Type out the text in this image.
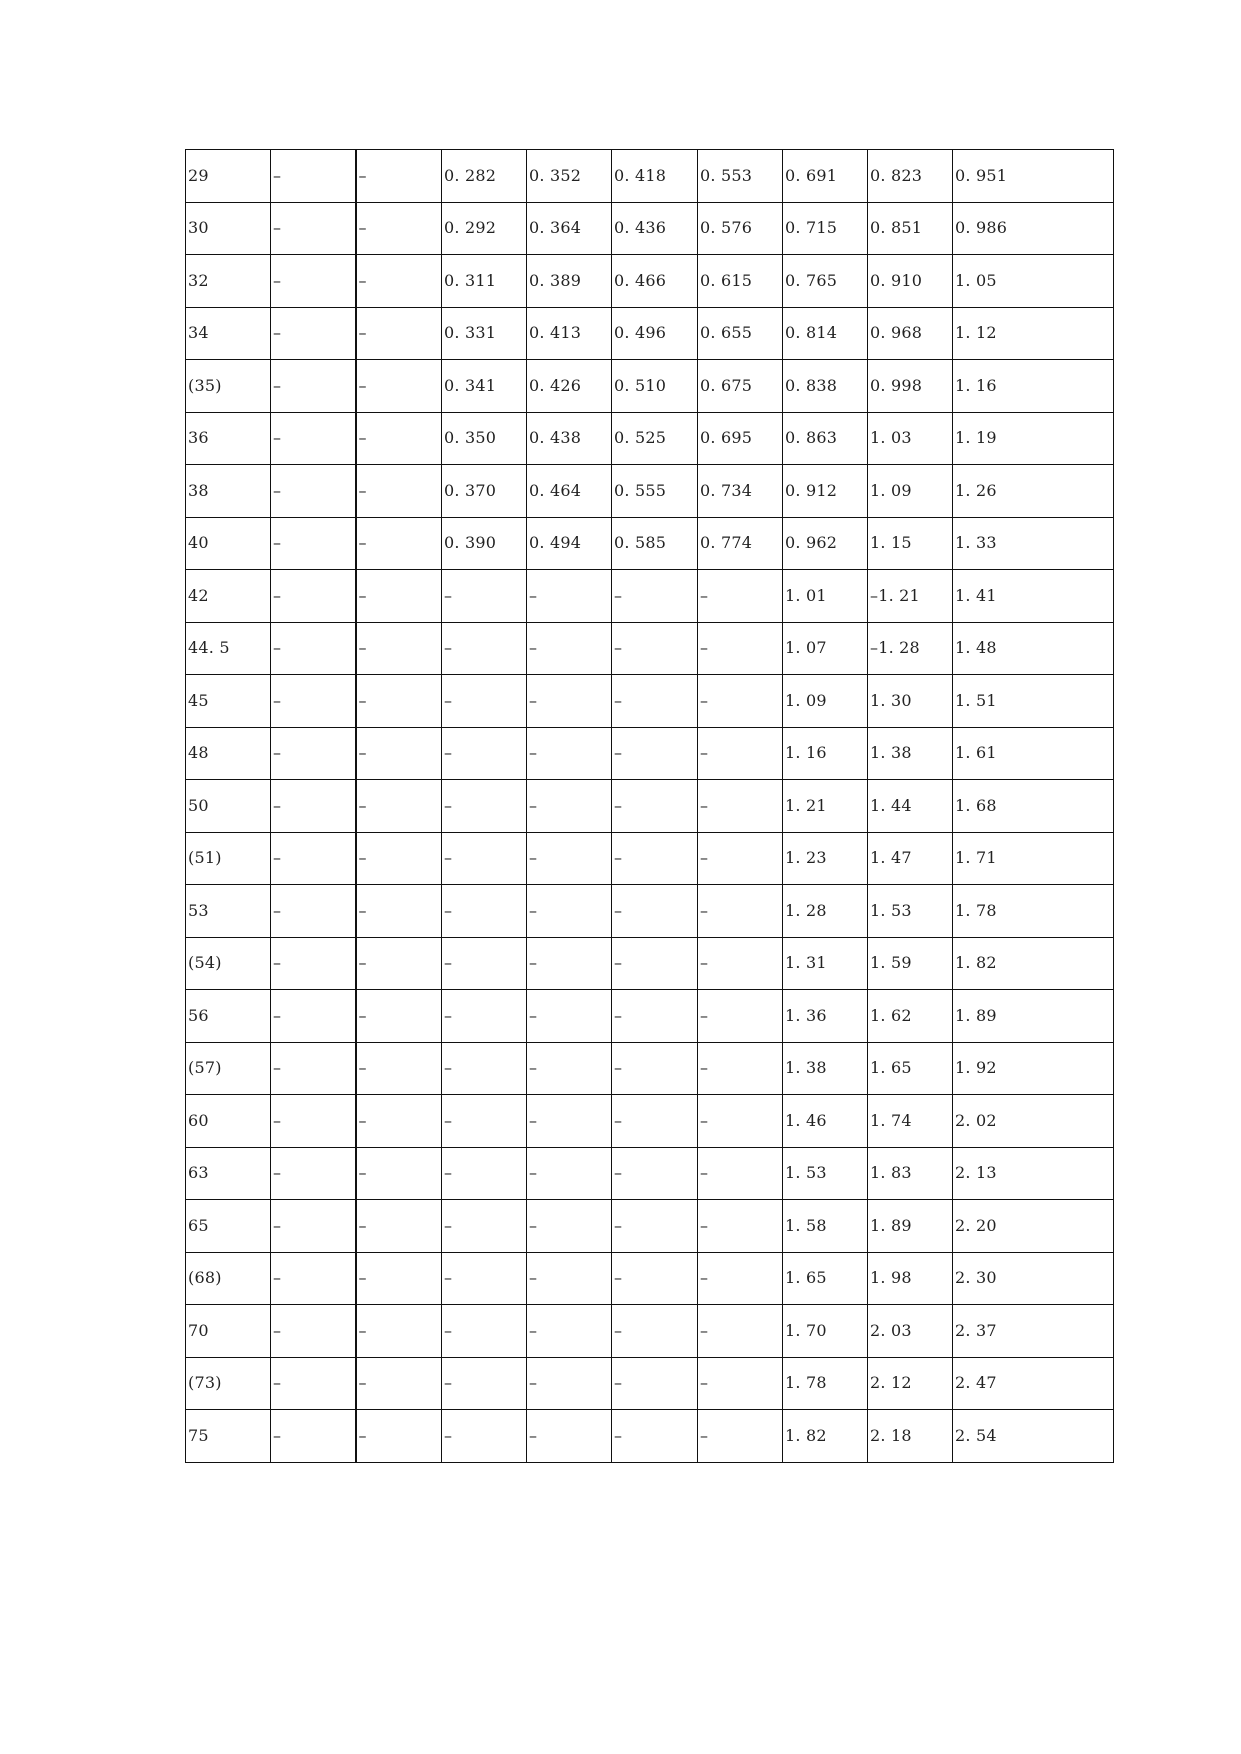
29	–	–	0. 282	0. 352	0. 418	0. 553	0. 691	0. 823	0. 951
30	–	–	0. 292	0. 364	0. 436	0. 576	0. 715	0. 851	0. 986
32	–	–	0. 311	0. 389	0. 466	0. 615	0. 765	0. 910	1. 05
34	–	–	0. 331	0. 413	0. 496	0. 655	0. 814	0. 968	1. 12
(35)	–	–	0. 341	0. 426	0. 510	0. 675	0. 838	0. 998	1. 16
36	–	–	0. 350	0. 438	0. 525	0. 695	0. 863	1. 03	1. 19
38	–	–	0. 370	0. 464	0. 555	0. 734	0. 912	1. 09	1. 26
40	–	–	0. 390	0. 494	0. 585	0. 774	0. 962	1. 15	1. 33
42	–	–	–	–	–	–	1. 01	–1. 21	1. 41
44. 5	–	–	–	–	–	–	1. 07	–1. 28	1. 48
45	–	–	–	–	–	–	1. 09	1. 30	1. 51
48	–	–	–	–	–	–	1. 16	1. 38	1. 61
50	–	–	–	–	–	–	1. 21	1. 44	1. 68
(51)	–	–	–	–	–	–	1. 23	1. 47	1. 71
53	–	–	–	–	–	–	1. 28	1. 53	1. 78
(54)	–	–	–	–	–	–	1. 31	1. 59	1. 82
56	–	–	–	–	–	–	1. 36	1. 62	1. 89
(57)	–	–	–	–	–	–	1. 38	1. 65	1. 92
60	–	–	–	–	–	–	1. 46	1. 74	2. 02
63	–	–	–	–	–	–	1. 53	1. 83	2. 13
65	–	–	–	–	–	–	1. 58	1. 89	2. 20
(68)	–	–	–	–	–	–	1. 65	1. 98	2. 30
70	–	–	–	–	–	–	1. 70	2. 03	2. 37
(73)	–	–	–	–	–	–	1. 78	2. 12	2. 47
75	–	–	–	–	–	–	1. 82	2. 18	2. 54
